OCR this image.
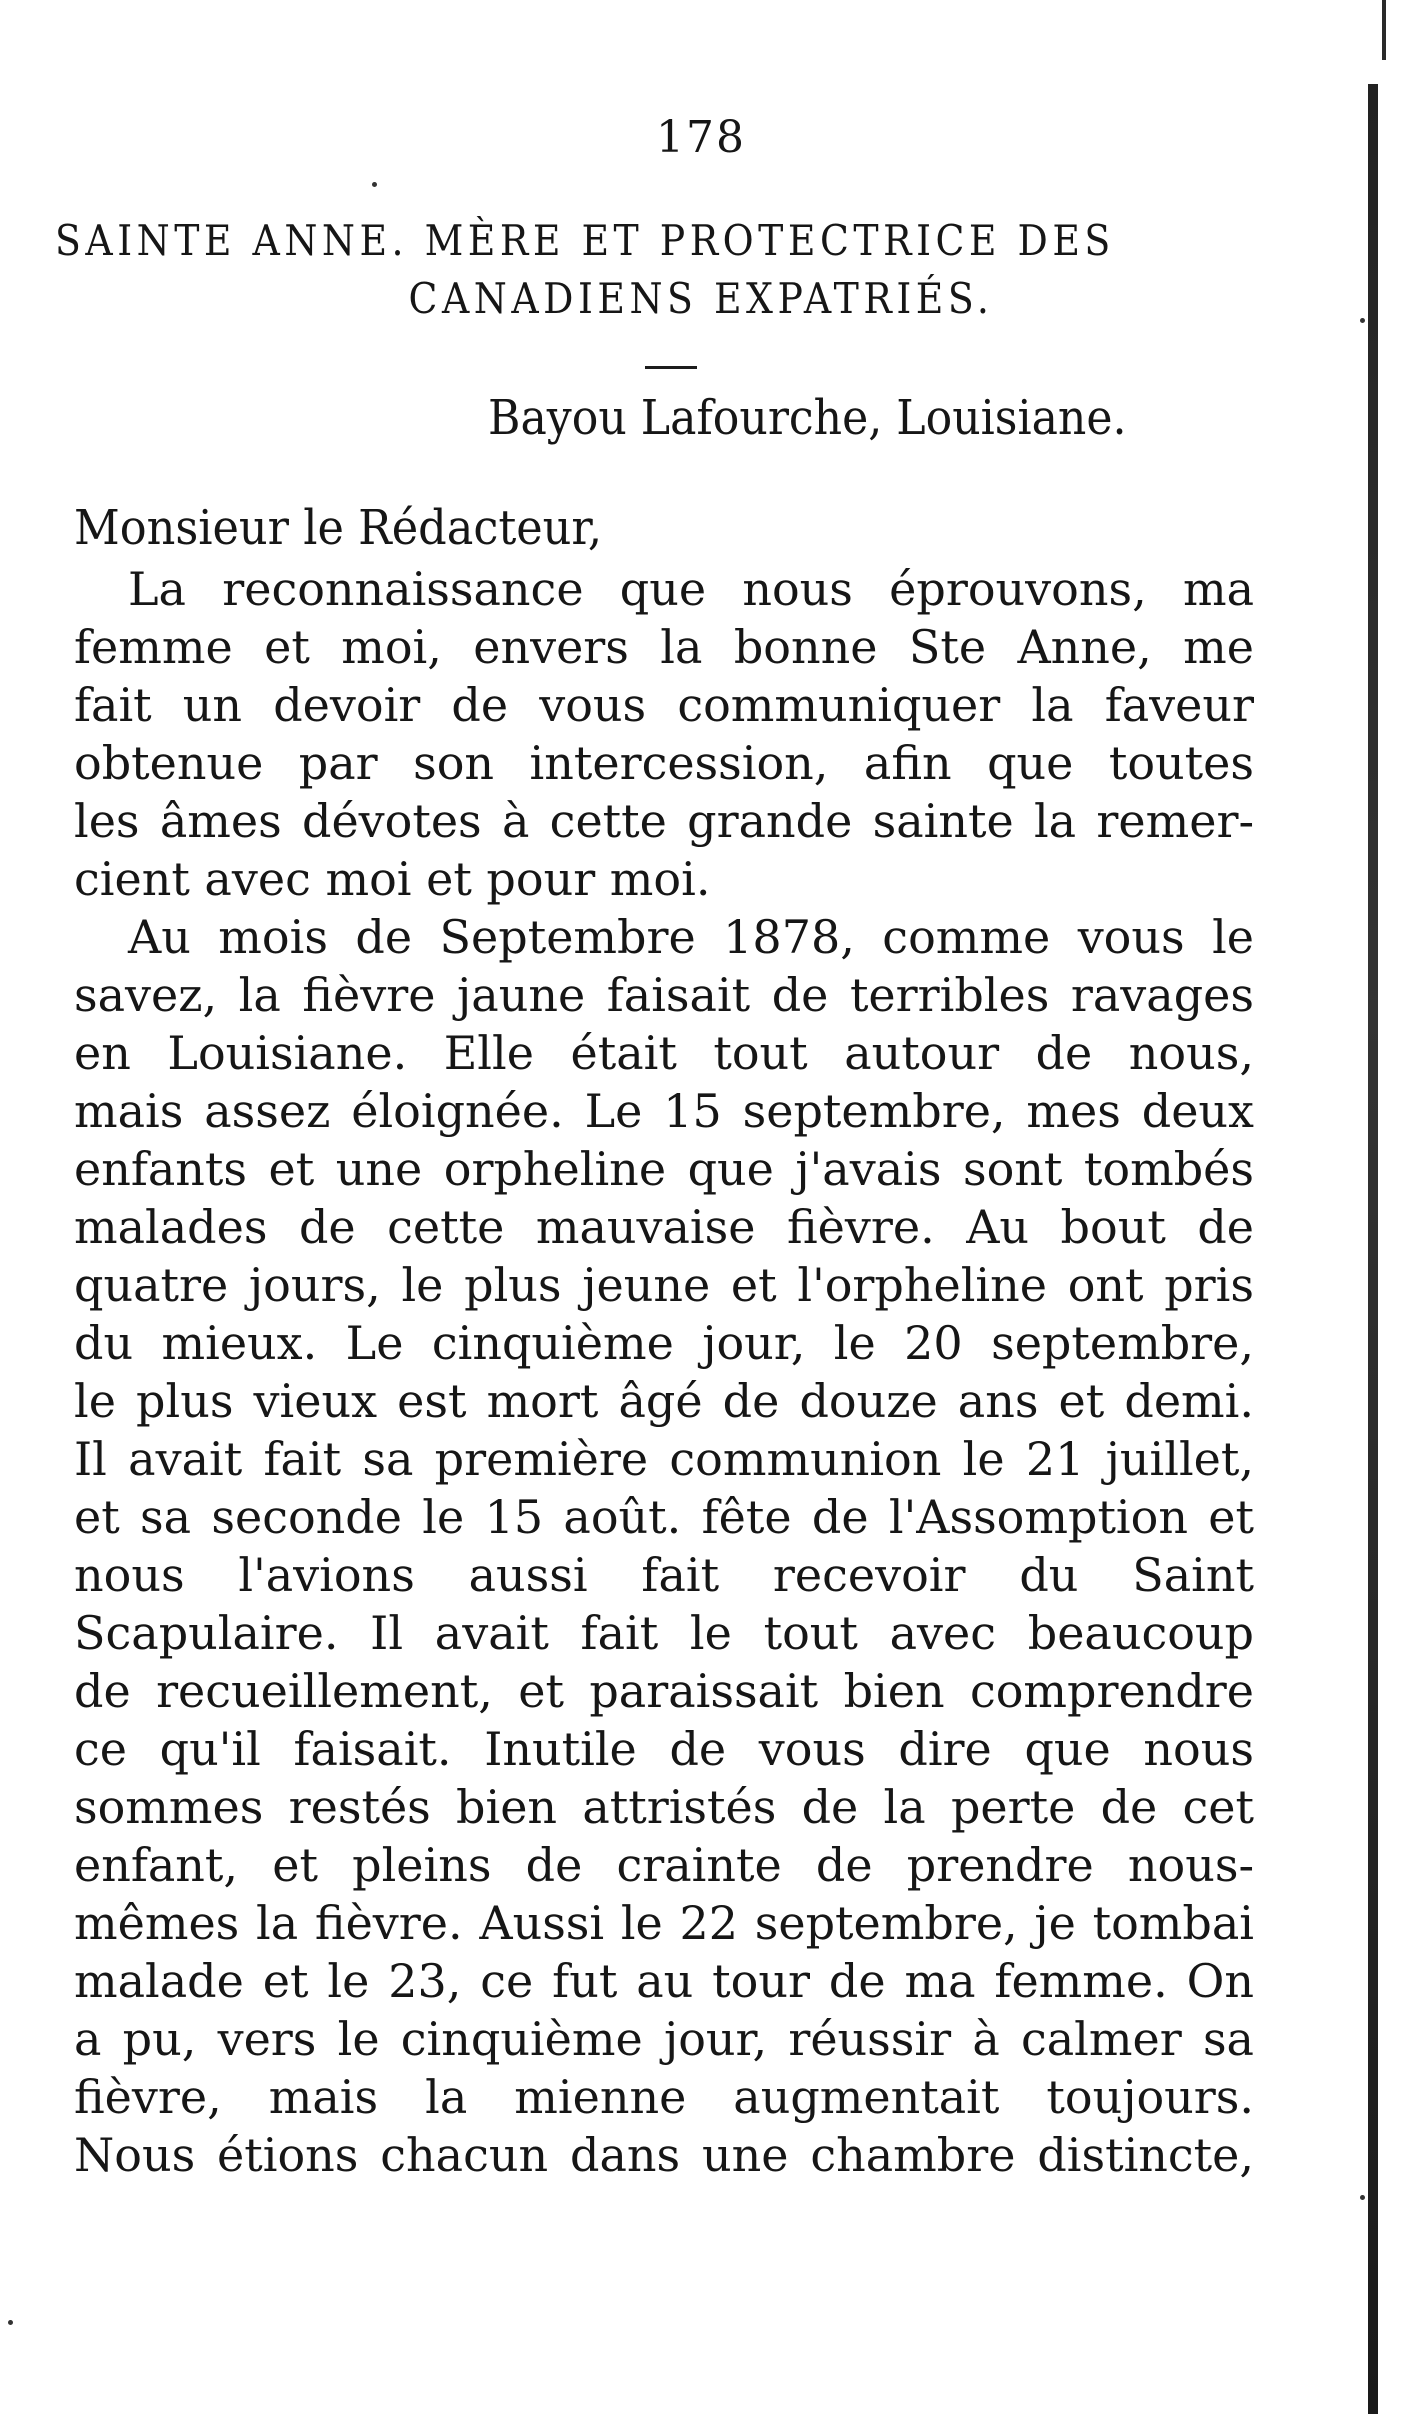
178
SAINTE ANNE. MÈRE ET PROTECTRICE DES
CANADIENS EXPATRIÉS.
Bayou Lafourche, Louisiane.
Monsieur le Rédacteur,
La reconnaissance que nous éprouvons, ma
femme et moi, envers la bonne Ste Anne, me
fait un devoir de vous communiquer la faveur
obtenue par son intercession, afin que toutes
les âmes dévotes à cette grande sainte la remer-
cient avec moi et pour moi.
Au mois de Septembre 1878, comme vous le
savez, la fièvre jaune faisait de terribles ravages
en Louisiane. Elle était tout autour de nous,
mais assez éloignée. Le 15 septembre, mes deux
enfants et une orpheline que j'avais sont tombés
malades de cette mauvaise fièvre. Au bout de
quatre jours, le plus jeune et l'orpheline ont pris
du mieux. Le cinquième jour, le 20 septembre,
le plus vieux est mort âgé de douze ans et demi.
Il avait fait sa première communion le 21 juillet,
et sa seconde le 15 août. fête de l'Assomption et
nous l'avions aussi fait recevoir du Saint
Scapulaire. Il avait fait le tout avec beaucoup
de recueillement, et paraissait bien comprendre
ce qu'il faisait. Inutile de vous dire que nous
sommes restés bien attristés de la perte de cet
enfant, et pleins de crainte de prendre nous-
mêmes la fièvre. Aussi le 22 septembre, je tombai
malade et le 23, ce fut au tour de ma femme. On
a pu, vers le cinquième jour, réussir à calmer sa
fièvre, mais la mienne augmentait toujours.
Nous étions chacun dans une chambre distincte,
